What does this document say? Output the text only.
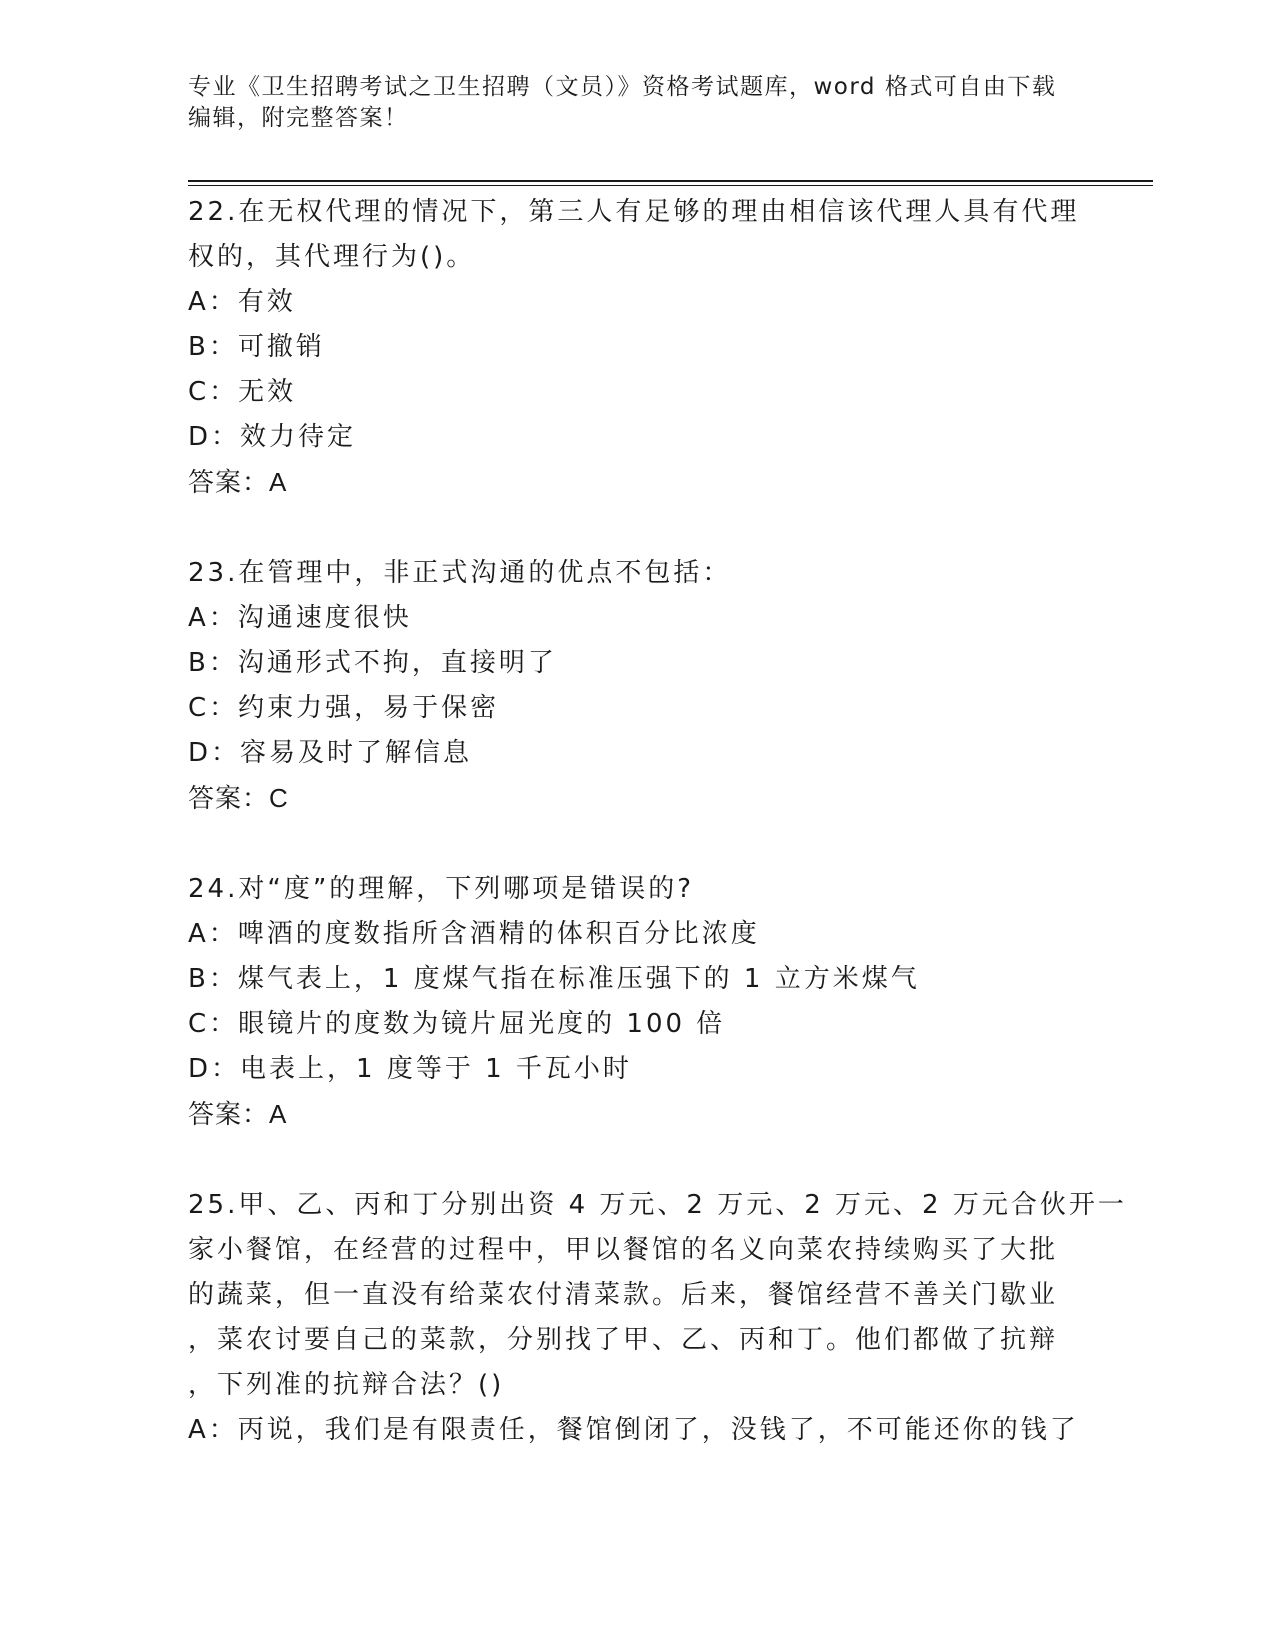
专业《卫生招聘考试之卫生招聘（文员）》资格考试题库，word 格式可自由下载
编辑，附完整答案！
22.在无权代理的情况下，第三人有足够的理由相信该代理人具有代理
权的，其代理行为()。
A：有效
B：可撤销
C：无效
D：效力待定
答案：A
23.在管理中，非正式沟通的优点不包括：
A：沟通速度很快
B：沟通形式不拘，直接明了
C：约束力强，易于保密
D：容易及时了解信息
答案：C
24.对“度”的理解，下列哪项是错误的?
A：啤酒的度数指所含酒精的体积百分比浓度
B：煤气表上，1 度煤气指在标准压强下的 1 立方米煤气
C：眼镜片的度数为镜片屈光度的 100 倍
D：电表上，1 度等于 1 千瓦小时
答案：A
25.甲、乙、丙和丁分别出资 4 万元、2 万元、2 万元、2 万元合伙开一
家小餐馆，在经营的过程中，甲以餐馆的名义向菜农持续购买了大批
的蔬菜，但一直没有给菜农付清菜款。后来，餐馆经营不善关门歇业
，菜农讨要自己的菜款，分别找了甲、乙、丙和丁。他们都做了抗辩
，下列准的抗辩合法？()
A：丙说，我们是有限责任，餐馆倒闭了，没钱了，不可能还你的钱了
